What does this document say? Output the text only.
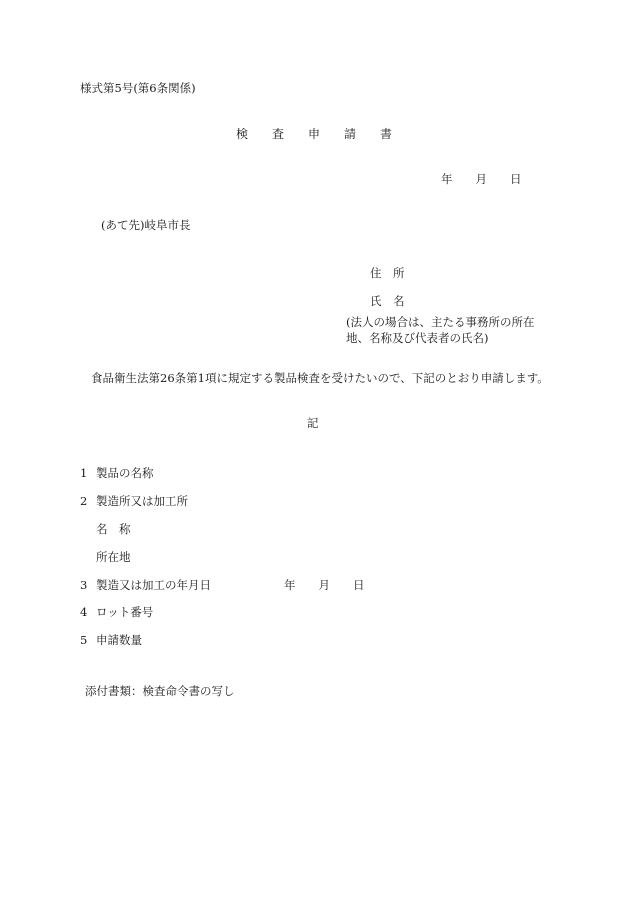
様式第5号(第6条関係)
検　　査　　申　　請　　書
年　　月　　日
(あて先)岐阜市長
住　所
氏　名
(法人の場合は、主たる事務所の所在地、名称及び代表者の氏名)
食品衛生法第26条第1項に規定する製品検査を受けたいので、下記のとおり申請します。
記
1 製品の名称
2 製造所又は加工所
名　称
所在地
3 製造又は加工の年月日	年　　月　　日
4 ロット番号
5 申請数量
添付書類：検査命令書の写し
